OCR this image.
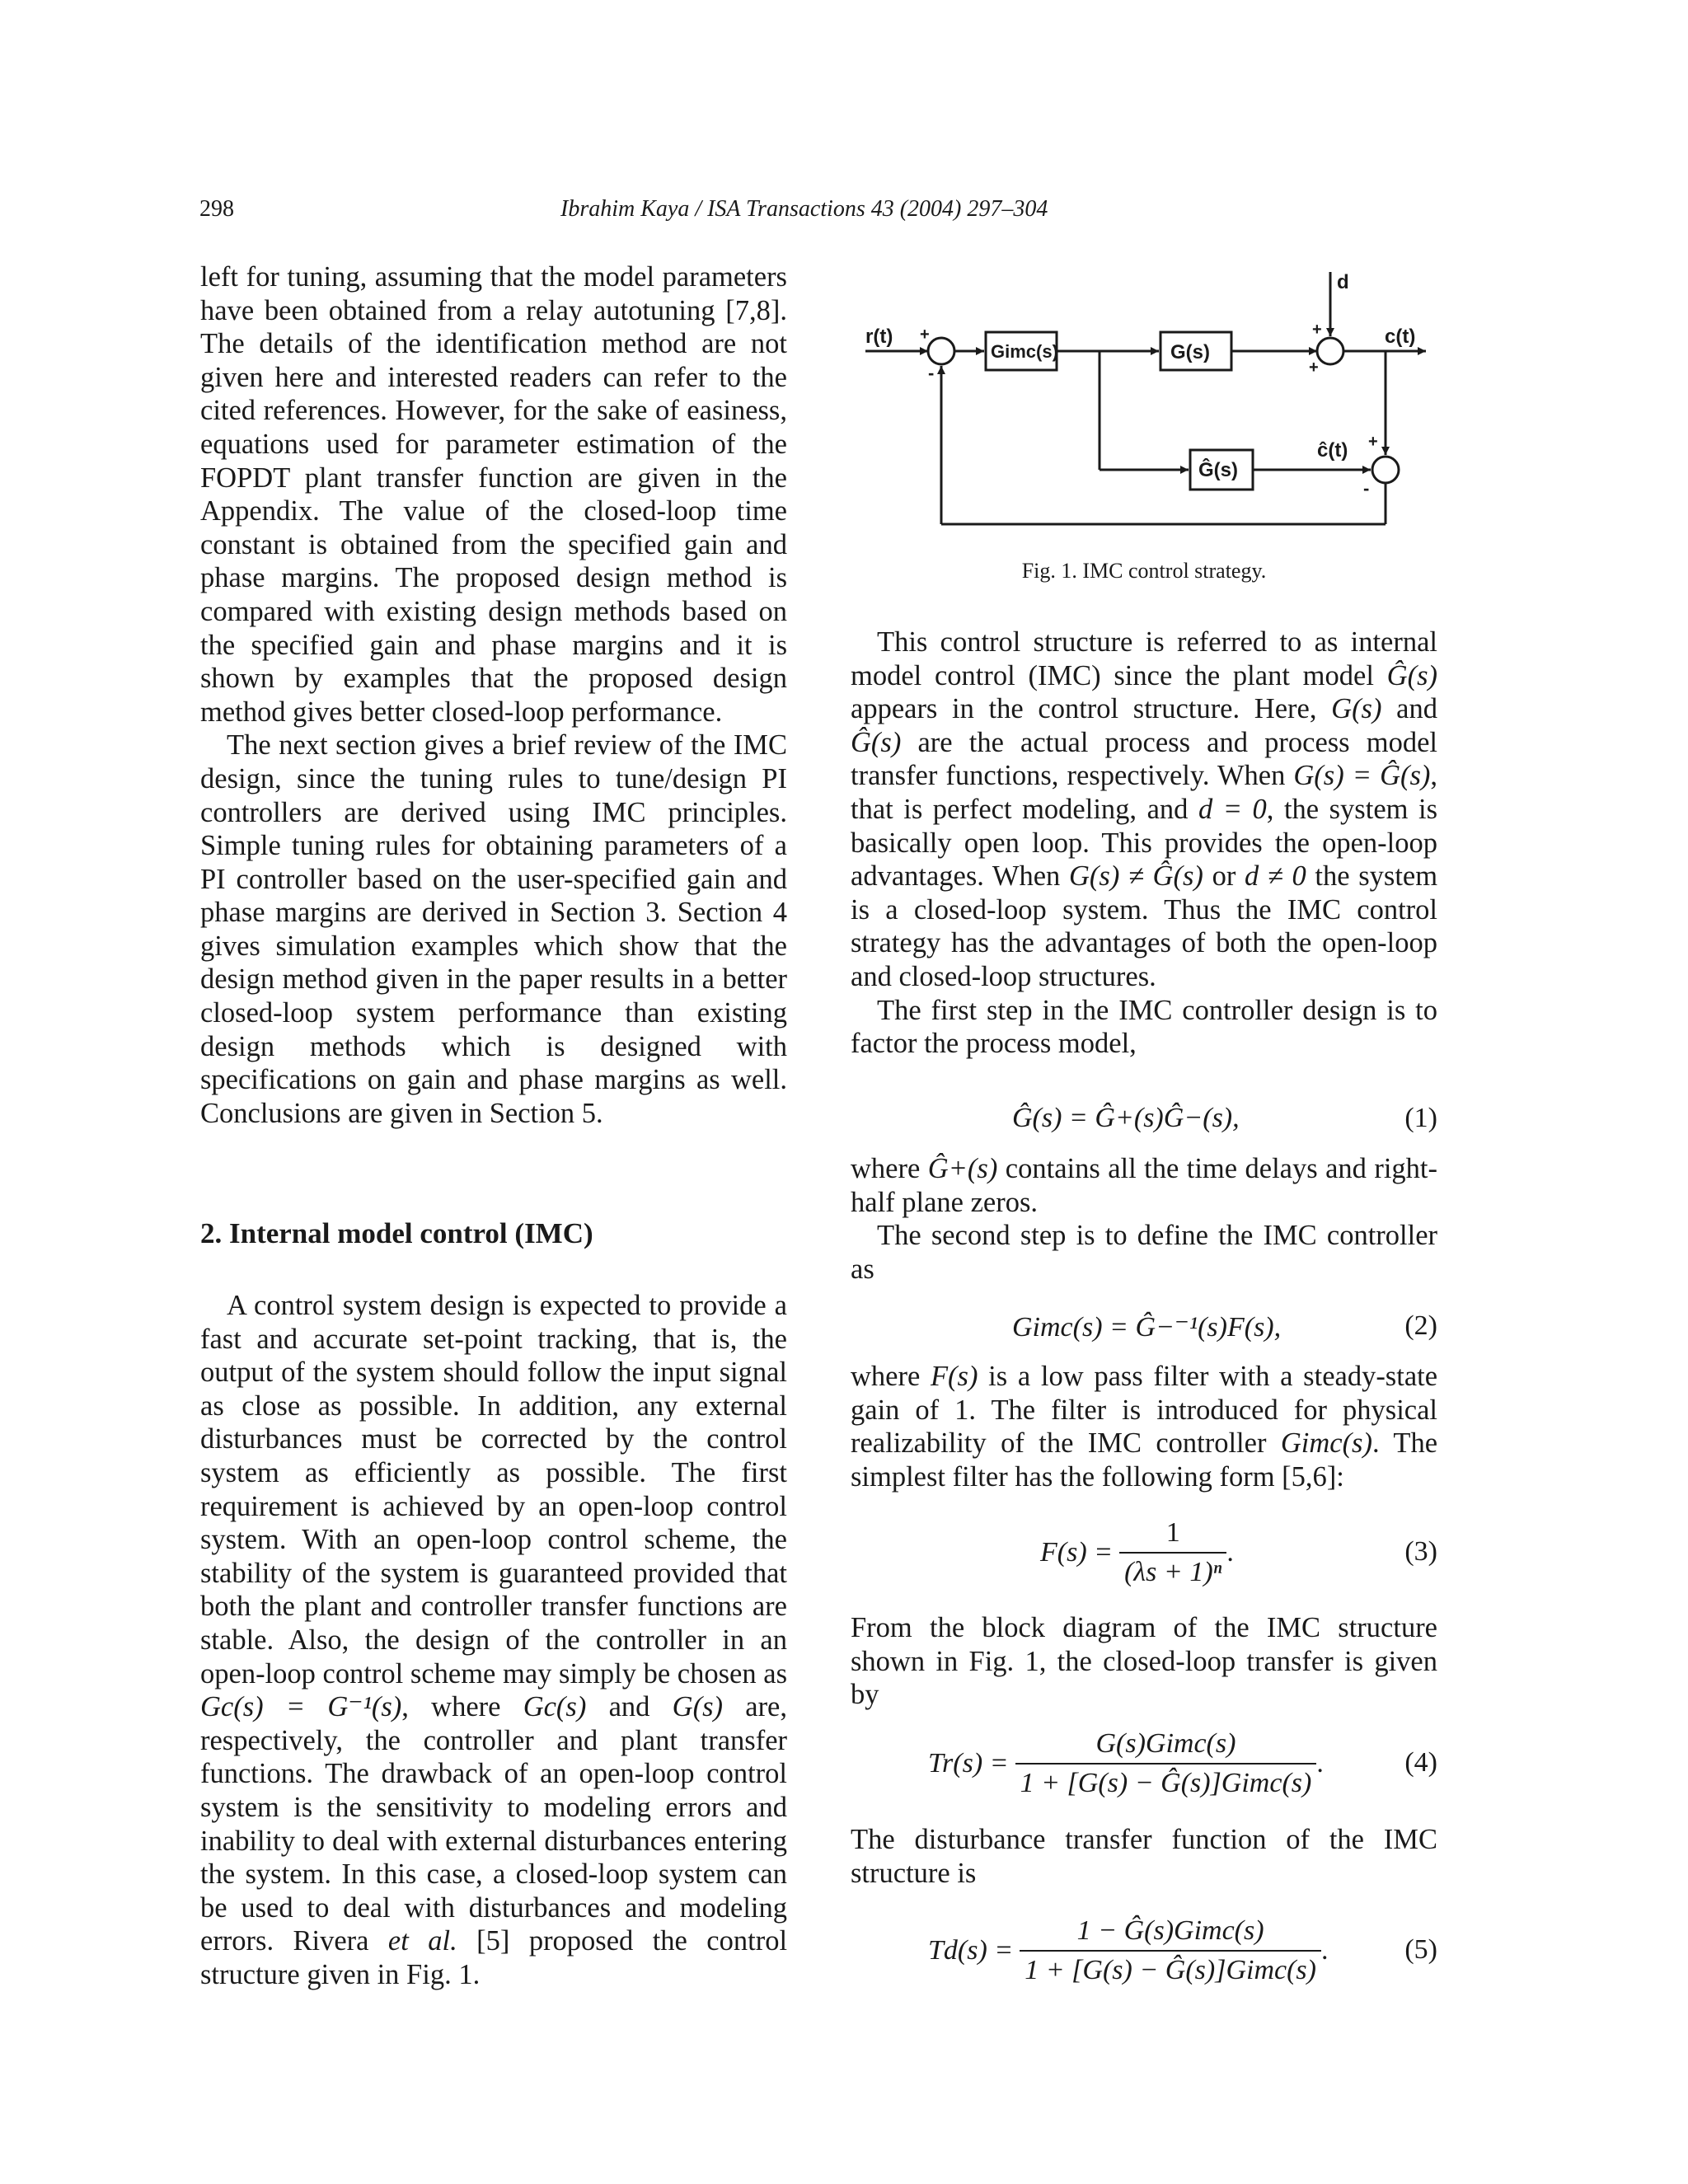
298	Ibrahim Kaya / ISA Transactions 43 (2004) 297–304

left for tuning, assuming that the model parameters have been obtained from a relay autotuning [7,8]. The details of the identification method are not given here and interested readers can refer to the cited references. However, for the sake of easiness, equations used for parameter estimation of the FOPDT plant transfer function are given in the Appendix. The value of the closed-loop time constant is obtained from the specified gain and phase margins. The proposed design method is compared with existing design methods based on the specified gain and phase margins and it is shown by examples that the proposed design method gives better closed-loop performance.

The next section gives a brief review of the IMC design, since the tuning rules to tune/design PI controllers are derived using IMC principles. Simple tuning rules for obtaining parameters of a PI controller based on the user-specified gain and phase margins are derived in Section 3. Section 4 gives simulation examples which show that the design method given in the paper results in a better closed-loop system performance than existing design methods which is designed with specifications on gain and phase margins as well. Conclusions are given in Section 5.

2. Internal model control (IMC)

A control system design is expected to provide a fast and accurate set-point tracking, that is, the output of the system should follow the input signal as close as possible. In addition, any external disturbances must be corrected by the control system as efficiently as possible. The first requirement is achieved by an open-loop control system. With an open-loop control scheme, the stability of the system is guaranteed provided that both the plant and controller transfer functions are stable. Also, the design of the controller in an open-loop control scheme may simply be chosen as Gc(s) = G⁻¹(s), where Gc(s) and G(s) are, respectively, the controller and plant transfer functions. The drawback of an open-loop control system is the sensitivity to modeling errors and inability to deal with external disturbances entering the system. In this case, a closed-loop system can be used to deal with disturbances and modeling errors. Rivera et al. [5] proposed the control structure given in Fig. 1.

r(t) +
-
Gimc(s)	G(s)
d
+
+
c(t)
Ĝ(s)
ĉ(t) +
-
Fig. 1. IMC control strategy.

This control structure is referred to as internal model control (IMC) since the plant model Ĝ(s) appears in the control structure. Here, G(s) and Ĝ(s) are the actual process and process model transfer functions, respectively. When G(s) = Ĝ(s), that is perfect modeling, and d = 0, the system is basically open loop. This provides the open-loop advantages. When G(s) ≠ Ĝ(s) or d ≠ 0 the system is a closed-loop system. Thus the IMC control strategy has the advantages of both the open-loop and closed-loop structures.

The first step in the IMC controller design is to factor the process model,

Ĝ(s) = Ĝ+(s)Ĝ−(s),	(1)

where Ĝ+(s) contains all the time delays and right-half plane zeros.

The second step is to define the IMC controller as

Gimc(s) = Ĝ−⁻¹(s)F(s),	(2)

where F(s) is a low pass filter with a steady-state gain of 1. The filter is introduced for physical realizability of the IMC controller Gimc(s). The simplest filter has the following form [5,6]:

$F(s) = \frac{1}{\text{(λs + 1)ⁿ}}$ .	(3)

From the block diagram of the IMC structure shown in Fig. 1, the closed-loop transfer is given by

$Tr(s) = \frac{\text{G(s)Gimc(s)}}{\text{1 + [G(s) − Ĝ(s)]Gimc(s)}}$ .	(4)

The disturbance transfer function of the IMC structure is

$Td(s) = \frac{\text{1 − Ĝ(s)Gimc(s)}}{\text{1 + [G(s) − Ĝ(s)]Gimc(s)}}$ .	(5)
